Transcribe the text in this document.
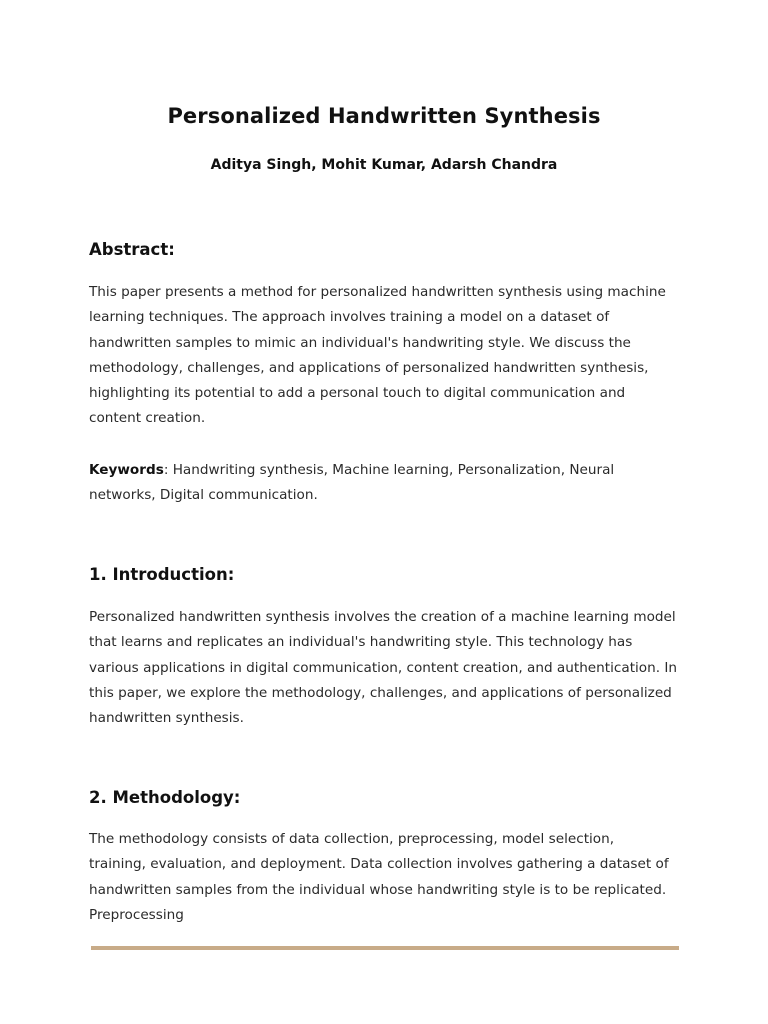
Personalized Handwritten Synthesis
Aditya Singh, Mohit Kumar, Adarsh Chandra
Abstract:

This paper presents a method for personalized handwritten synthesis using machine learning techniques. The approach involves training a model on a dataset of handwritten samples to mimic an individual's handwriting style. We discuss the methodology, challenges, and applications of personalized handwritten synthesis, highlighting its potential to add a personal touch to digital communication and content creation.

Keywords: Handwriting synthesis, Machine learning, Personalization, Neural networks, Digital communication.

1. Introduction:

Personalized handwritten synthesis involves the creation of a machine learning model that learns and replicates an individual's handwriting style. This technology has various applications in digital communication, content creation, and authentication. In this paper, we explore the methodology, challenges, and applications of personalized handwritten synthesis.

2. Methodology:

The methodology consists of data collection, preprocessing, model selection, training, evaluation, and deployment. Data collection involves gathering a dataset of handwritten samples from the individual whose handwriting style is to be replicated. Preprocessing
